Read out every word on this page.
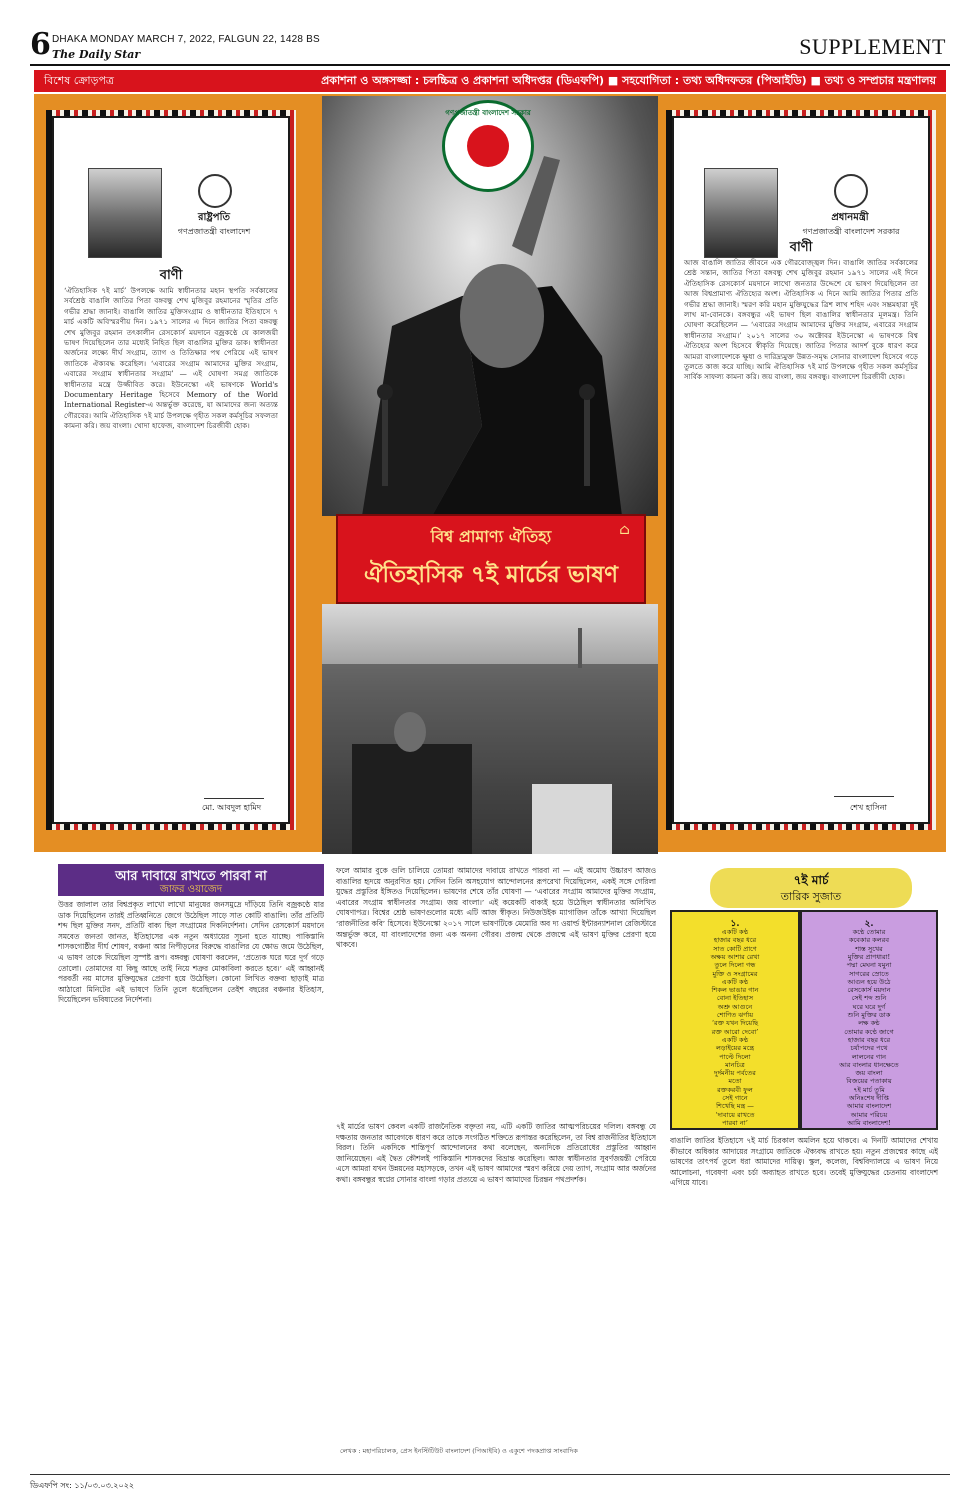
6 DHAKA MONDAY MARCH 7, 2022, FALGUN 22, 1428 BS
The Daily Star	SUPPLEMENT
বিশেষ ক্রোড়পত্র	প্রকাশনা ও অঙ্গসজ্জা : চলচ্চিত্র ও প্রকাশনা অধিদপ্তর (ডিএফপি) ■ সহযোগিতা : তথ্য অধিদফতর (পিআইডি) ■ তথ্য ও সম্প্রচার মন্ত্রণালয়
রাষ্ট্রপতি
গণপ্রজাতন্ত্রী বাংলাদেশ
বাণী
‘ঐতিহাসিক ৭ই মার্চ’ উপলক্ষে আমি স্বাধীনতার মহান স্থপতি সর্বকালের সর্বশ্রেষ্ঠ বাঙালি জাতির পিতা বঙ্গবন্ধু শেখ মুজিবুর রহমানের স্মৃতির প্রতি গভীর শ্রদ্ধা জানাই। বাঙালি জাতির মুক্তিসংগ্রাম ও স্বাধীনতার ইতিহাসে ৭ মার্চ একটি অবিস্মরণীয় দিন। ১৯৭১ সালের এ দিনে জাতির পিতা বঙ্গবন্ধু শেখ মুজিবুর রহমান তৎকালীন রেসকোর্স ময়দানে বজ্রকণ্ঠে যে কালজয়ী ভাষণ দিয়েছিলেন তার মধ্যেই নিহিত ছিল বাঙালির মুক্তির ডাক। স্বাধীনতা অর্জনের লক্ষ্যে দীর্ঘ সংগ্রাম, ত্যাগ ও তিতিক্ষার পথ পেরিয়ে এই ভাষণ জাতিকে ঐক্যবদ্ধ করেছিল। ‘এবারের সংগ্রাম আমাদের মুক্তির সংগ্রাম, এবারের সংগ্রাম স্বাধীনতার সংগ্রাম’ — এই ঘোষণা সমগ্র জাতিকে স্বাধীনতার মন্ত্রে উজ্জীবিত করে। ইউনেস্কো এই ভাষণকে World's Documentary Heritage হিসেবে Memory of the World International Register-এ অন্তর্ভুক্ত করেছে, যা আমাদের জন্য অত্যন্ত গৌরবের। আমি ঐতিহাসিক ৭ই মার্চ উপলক্ষে গৃহীত সকল কর্মসূচির সফলতা কামনা করি। জয় বাংলা। খোদা হাফেজ, বাংলাদেশ চিরজীবী হোক।
মো. আবদুল হামিদ
প্রধানমন্ত্রী
গণপ্রজাতন্ত্রী বাংলাদেশ সরকার
বাণী
আজ বাঙালি জাতির জীবনে এক গৌরবোজ্জ্বল দিন। বাঙালি জাতির সর্বকালের শ্রেষ্ঠ সন্তান, জাতির পিতা বঙ্গবন্ধু শেখ মুজিবুর রহমান ১৯৭১ সালের এই দিনে ঐতিহাসিক রেসকোর্স ময়দানে লাখো জনতার উদ্দেশে যে ভাষণ দিয়েছিলেন তা আজ বিশ্বপ্রামাণ্য ঐতিহ্যের অংশ। ঐতিহাসিক এ দিনে আমি জাতির পিতার প্রতি গভীর শ্রদ্ধা জানাই। স্মরণ করি মহান মুক্তিযুদ্ধের ত্রিশ লাখ শহিদ এবং সম্ভ্রমহারা দুই লাখ মা-বোনকে। বঙ্গবন্ধুর এই ভাষণ ছিল বাঙালির স্বাধীনতার মূলমন্ত্র। তিনি ঘোষণা করেছিলেন — ‘এবারের সংগ্রাম আমাদের মুক্তির সংগ্রাম, এবারের সংগ্রাম স্বাধীনতার সংগ্রাম।’ ২০১৭ সালের ৩০ অক্টোবর ইউনেস্কো এ ভাষণকে বিশ্ব ঐতিহ্যের অংশ হিসেবে স্বীকৃতি দিয়েছে। জাতির পিতার আদর্শ বুকে ধারণ করে আমরা বাংলাদেশকে ক্ষুধা ও দারিদ্র্যমুক্ত উন্নত-সমৃদ্ধ সোনার বাংলাদেশ হিসেবে গড়ে তুলতে কাজ করে যাচ্ছি। আমি ঐতিহাসিক ৭ই মার্চ উপলক্ষে গৃহীত সকল কর্মসূচির সার্বিক সাফল্য কামনা করি। জয় বাংলা, জয় বঙ্গবন্ধু। বাংলাদেশ চিরজীবী হোক।
শেখ হাসিনা
গণপ্রজাতন্ত্রী বাংলাদেশ সরকার
⌂
বিশ্ব প্রামাণ্য ঐতিহ্য
ঐতিহাসিক ৭ই মার্চের ভাষণ
আর দাবায়ে রাখতে পারবা না
জাফর ওয়াজেদ
উত্তর জালাল তার বিশ্বপ্রকৃত লাখো লাখো মানুষের জনসমুদ্রে দাঁড়িয়ে তিনি বজ্রকণ্ঠে যার ডাক দিয়েছিলেন তারই প্রতিধ্বনিতে জেগে উঠেছিল সাড়ে সাত কোটি বাঙালি। তাঁর প্রতিটি শব্দ ছিল মুক্তির সনদ, প্রতিটি বাক্য ছিল সংগ্রামের দিকনির্দেশনা। সেদিন রেসকোর্স ময়দানে সমবেত জনতা জানত, ইতিহাসের এক নতুন অধ্যায়ের সূচনা হতে যাচ্ছে। পাকিস্তানি শাসকগোষ্ঠীর দীর্ঘ শোষণ, বঞ্চনা আর নিপীড়নের বিরুদ্ধে বাঙালির যে ক্ষোভ জমে উঠেছিল, এ ভাষণ তাকে দিয়েছিল সুস্পষ্ট রূপ। বঙ্গবন্ধু ঘোষণা করলেন, ‘প্রত্যেক ঘরে ঘরে দুর্গ গড়ে তোলো। তোমাদের যা কিছু আছে তাই নিয়ে শত্রুর মোকাবিলা করতে হবে।’ এই আহ্বানই পরবর্তী নয় মাসের মুক্তিযুদ্ধের প্রেরণা হয়ে উঠেছিল। কোনো লিখিত বক্তব্য ছাড়াই মাত্র আঠারো মিনিটের এই ভাষণে তিনি তুলে ধরেছিলেন তেইশ বছরের বঞ্চনার ইতিহাস, দিয়েছিলেন ভবিষ্যতের নির্দেশনা।
ফলে আমার বুকে গুলি চালিয়ে তোমরা আমাদের দাবায়ে রাখতে পারবা না — এই অমোঘ উচ্চারণ আজও বাঙালির হৃদয়ে অনুরণিত হয়। সেদিন তিনি অসহযোগ আন্দোলনের রূপরেখা দিয়েছিলেন, একই সঙ্গে গেরিলা যুদ্ধের প্রস্তুতির ইঙ্গিতও দিয়েছিলেন। ভাষণের শেষে তাঁর ঘোষণা — ‘এবারের সংগ্রাম আমাদের মুক্তির সংগ্রাম, এবারের সংগ্রাম স্বাধীনতার সংগ্রাম। জয় বাংলা।’ এই কয়েকটি বাক্যই হয়ে উঠেছিল স্বাধীনতার অলিখিত ঘোষণাপত্র। বিশ্বের শ্রেষ্ঠ ভাষণগুলোর মধ্যে এটি আজ স্বীকৃত। নিউজউইক ম্যাগাজিন তাঁকে আখ্যা দিয়েছিল ‘রাজনীতির কবি’ হিসেবে। ইউনেস্কো ২০১৭ সালে ভাষণটিকে মেমোরি অব দ্য ওয়ার্ল্ড ইন্টারন্যাশনাল রেজিস্টারে অন্তর্ভুক্ত করে, যা বাংলাদেশের জন্য এক অনন্য গৌরব। প্রজন্ম থেকে প্রজন্মে এই ভাষণ মুক্তির প্রেরণা হয়ে থাকবে।
৭ই মার্চের ভাষণ কেবল একটি রাজনৈতিক বক্তৃতা নয়, এটি একটি জাতির আত্মপরিচয়ের দলিল। বঙ্গবন্ধু যে দক্ষতায় জনতার আবেগকে ধারণ করে তাকে সংগঠিত শক্তিতে রূপান্তর করেছিলেন, তা বিশ্ব রাজনীতির ইতিহাসে বিরল। তিনি একদিকে শান্তিপূর্ণ আন্দোলনের কথা বলেছেন, অন্যদিকে প্রতিরোধের প্রস্তুতির আহ্বান জানিয়েছেন। এই দ্বৈত কৌশলই পাকিস্তানি শাসকদের বিভ্রান্ত করেছিল। আজ স্বাধীনতার সুবর্ণজয়ন্তী পেরিয়ে এসে আমরা যখন উন্নয়নের মহাসড়কে, তখন এই ভাষণ আমাদের স্মরণ করিয়ে দেয় ত্যাগ, সংগ্রাম আর অর্জনের কথা। বঙ্গবন্ধুর স্বপ্নের সোনার বাংলা গড়ার প্রত্যয়ে এ ভাষণ আমাদের চিরন্তন পথপ্রদর্শক।
বাঙালি জাতির ইতিহাসে ৭ই মার্চ চিরকাল অমলিন হয়ে থাকবে। এ দিনটি আমাদের শেখায় কীভাবে অধিকার আদায়ের সংগ্রামে জাতিকে ঐক্যবদ্ধ রাখতে হয়। নতুন প্রজন্মের কাছে এই ভাষণের তাৎপর্য তুলে ধরা আমাদের দায়িত্ব। স্কুল, কলেজ, বিশ্ববিদ্যালয়ে এ ভাষণ নিয়ে আলোচনা, গবেষণা এবং চর্চা অব্যাহত রাখতে হবে। তবেই মুক্তিযুদ্ধের চেতনায় বাংলাদেশ এগিয়ে যাবে।
লেখক : মহাপরিচালক, প্রেস ইনস্টিটিউট বাংলাদেশ (পিআইবি) ও একুশে পদকপ্রাপ্ত সাংবাদিক
৭ই মার্চ
তারিক সুজাত
১.
একটি কণ্ঠ
হাজার বছর ধরে
সাত কোটি প্রাণে
অক্ষয় আশার রেখা
তুলে দিলো গন্ধ
মুক্তি ও সংগ্রামের
একটি কণ্ঠ
শিকল ভাঙার গান
বোনা ইতিহাস
অশ্রু আগুনে
শোণিত ঝর্ণায়
‘রক্ত যখন দিয়েছি
রক্ত আরো দেবো’
একটি কণ্ঠ
লড়াইয়ের মন্ত্রে
পাল্টে দিলো
মানচিত্র
দুর্দমনীয় পর্বতের
মতো
রক্তকরবী ফুল
সেই গানে
শিখেছি মন্ত্র —
‘দাবায়ে রাখতে
পারবা না’
২.
কণ্ঠে তোমার
কবেকার কলরব
শাস্ত সুখের
মুক্তির প্রাণধারা!
পদ্মা মেঘনা যমুনা
সাগরের স্রোতে
আগুন হয়ে উঠে
রেসকোর্স ময়দান
সেই শব্দ শুনি
ঘরে ঘরে দুর্গ
শুনি মুক্তির ডাক
লক্ষ কণ্ঠ
তোমার কণ্ঠে জাগে
হাজার বছর ধরে
চর্যাপদের পথে
লালনের গান
আর বাংলার ধানক্ষেতে
জয় বাংলা
বিজয়ের পতাকায়
৭ই মার্চ তুমি
অনিঃশেষ দীপ্তি
আমার বাংলাদেশ
আমার পরিচয়
আমি বাংলাদেশ!
ডিএফপি সং: ১১/০৩.০৩.২০২২
